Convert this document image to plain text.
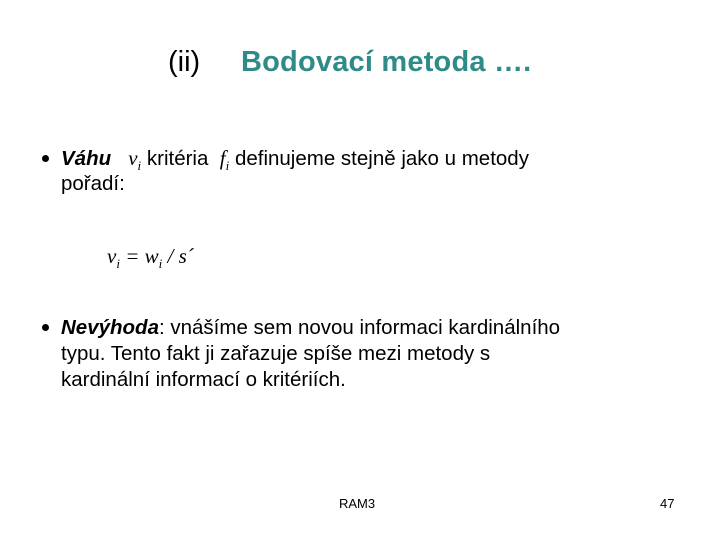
(ii) Bodovací metoda ….
Váhu $v_i$ kritéria  $f_i$ definujeme stejně jako u metody
pořadí:
$v_i = w_i$ / s´
Nevýhoda: vnášíme sem novou informaci kardinálního
typu. Tento fakt ji zařazuje spíše mezi metody s
kardinální informací o kritériích.
RAM3	47
